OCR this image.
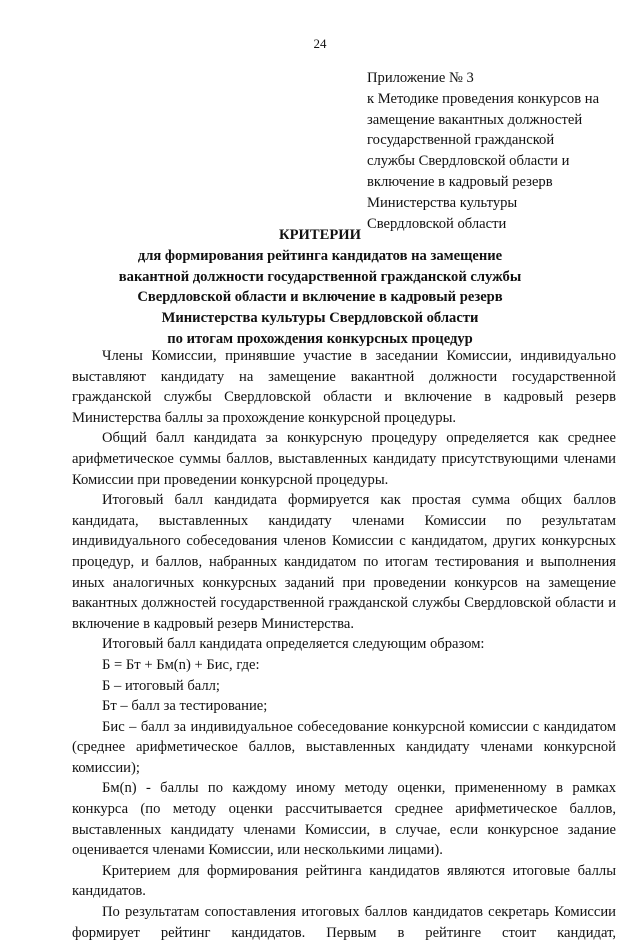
24
Приложение № 3
к Методике проведения конкурсов на
замещение вакантных должностей
государственной гражданской
службы Свердловской области и
включение в кадровый резерв
Министерства культуры
Свердловской области
КРИТЕРИИ
для формирования рейтинга кандидатов на замещение
вакантной должности государственной гражданской службы
Свердловской области и включение в кадровый резерв
Министерства культуры Свердловской области
по итогам прохождения конкурсных процедур

Члены Комиссии, принявшие участие в заседании Комиссии, индивидуально выставляют кандидату на замещение вакантной должности государственной гражданской службы Свердловской области и включение в кадровый резерв Министерства баллы за прохождение конкурсной процедуры.

Общий балл кандидата за конкурсную процедуру определяется как среднее арифметическое суммы баллов, выставленных кандидату присутствующими членами Комиссии при проведении конкурсной процедуры.

Итоговый балл кандидата формируется как простая сумма общих баллов кандидата, выставленных кандидату членами Комиссии по результатам индивидуального собеседования членов Комиссии с кандидатом, других конкурсных процедур, и баллов, набранных кандидатом по итогам тестирования и выполнения иных аналогичных конкурсных заданий при проведении конкурсов на замещение вакантных должностей государственной гражданской службы Свердловской области и включение в кадровый резерв Министерства.

Итоговый балл кандидата определяется следующим образом:

Б = Бт + Бм(n) + Бис, где:

Б – итоговый балл;

Бт – балл за тестирование;

Бис – балл за индивидуальное собеседование конкурсной комиссии с кандидатом (среднее арифметическое баллов, выставленных кандидату членами конкурсной комиссии);

Бм(n) - баллы по каждому иному методу оценки, примененному в рамках конкурса (по методу оценки рассчитывается среднее арифметическое баллов, выставленных кандидату членами Комиссии, в случае, если конкурсное задание оценивается членами Комиссии, или несколькими лицами).

Критерием для формирования рейтинга кандидатов являются итоговые баллы кандидатов.

По результатам сопоставления итоговых баллов кандидатов секретарь Комиссии формирует рейтинг кандидатов. Первым в рейтинге стоит кандидат,
